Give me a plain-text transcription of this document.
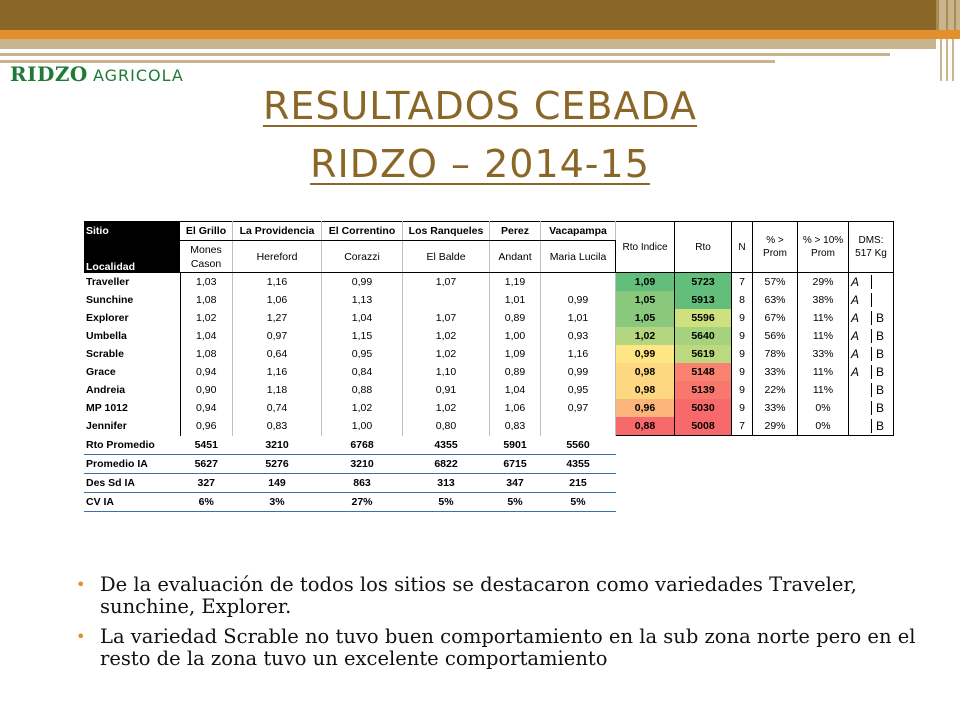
RIDZO AGRICOLA
RESULTADOS CEBADA
RIDZO – 2014-15
Sitio	El Grillo	La Providencia	El Correntino	Los Ranqueles	Perez	Vacapampa	Rto Indice	Rto	N	% > Prom	% > 10% Prom	DMS: 517 Kg
Localidad	Mones Cason	Hereford	Corazzi	El Balde	Andant	Maria Lucila						
Traveller	1,03	1,16	0,99	1,07	1,19		1,09	5723	7	57%	29%	A
Sunchine	1,08	1,06	1,13		1,01	0,99	1,05	5913	8	63%	38%	A
Explorer	1,02	1,27	1,04	1,07	0,89	1,01	1,05	5596	9	67%	11%	A B
Umbella	1,04	0,97	1,15	1,02	1,00	0,93	1,02	5640	9	56%	11%	A B
Scrable	1,08	0,64	0,95	1,02	1,09	1,16	0,99	5619	9	78%	33%	A B
Grace	0,94	1,16	0,84	1,10	0,89	0,99	0,98	5148	9	33%	11%	A B
Andreia	0,90	1,18	0,88	0,91	1,04	0,95	0,98	5139	9	22%	11%	B
MP 1012	0,94	0,74	1,02	1,02	1,06	0,97	0,96	5030	9	33%	0%	B
Jennifer	0,96	0,83	1,00	0,80	0,83		0,88	5008	7	29%	0%	B
Rto Promedio	5451	3210	6768	4355	5901	5560						
Promedio IA	5627	5276	3210	6822	6715	4355						
Des Sd IA	327	149	863	313	347	215						
CV IA	6%	3%	27%	5%	5%	5%						
• De la evaluación de todos los sitios se destacaron como variedades Traveler, sunchine, Explorer.
• La variedad Scrable no tuvo buen comportamiento en la sub zona norte pero en el resto de la zona tuvo un excelente comportamiento
